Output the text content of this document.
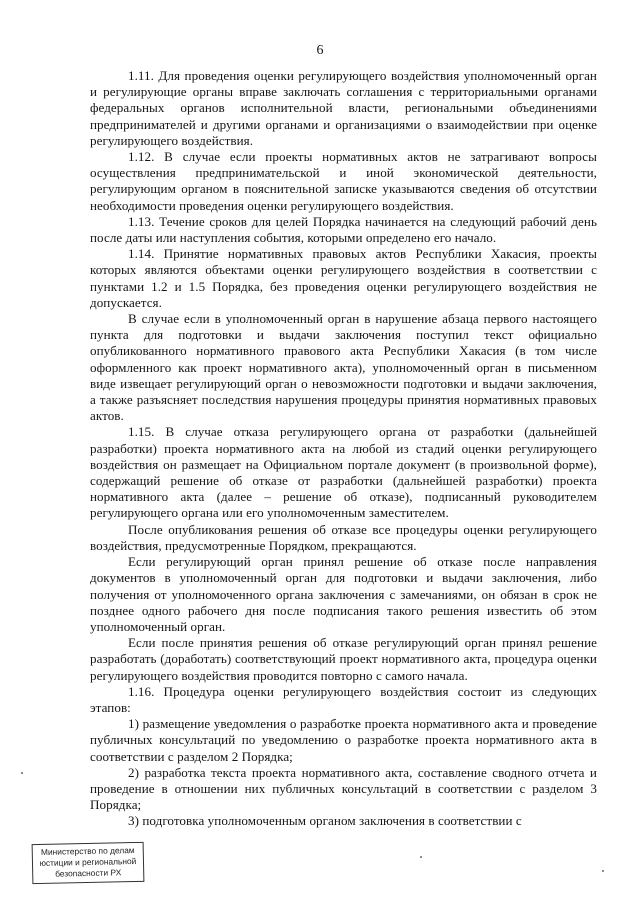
6

1.11. Для проведения оценки регулирующего воздействия уполномоченный орган и регулирующие органы вправе заключать соглашения с территориальными органами федеральных органов исполнительной власти, региональными объединениями предпринимателей и другими органами и организациями о взаимодействии при оценке регулирующего воздействия.

1.12. В случае если проекты нормативных актов не затрагивают вопросы осуществления предпринимательской и иной экономической деятельности, регулирующим органом в пояснительной записке указываются сведения об отсутствии необходимости проведения оценки регулирующего воздействия.

1.13. Течение сроков для целей Порядка начинается на следующий рабочий день после даты или наступления события, которыми определено его начало.

1.14. Принятие нормативных правовых актов Республики Хакасия, проекты которых являются объектами оценки регулирующего воздействия в соответствии с пунктами 1.2 и 1.5 Порядка, без проведения оценки регулирующего воздействия не допускается.

В случае если в уполномоченный орган в нарушение абзаца первого настоящего пункта для подготовки и выдачи заключения поступил текст официально опубликованного нормативного правового акта Республики Хакасия (в том числе оформленного как проект нормативного акта), уполномоченный орган в письменном виде извещает регулирующий орган о невозможности подготовки и выдачи заключения, а также разъясняет последствия нарушения процедуры принятия нормативных правовых актов.

1.15. В случае отказа регулирующего органа от разработки (дальнейшей разработки) проекта нормативного акта на любой из стадий оценки регулирующего воздействия он размещает на Официальном портале документ (в произвольной форме), содержащий решение об отказе от разработки (дальнейшей разработки) проекта нормативного акта (далее – решение об отказе), подписанный руководителем регулирующего органа или его уполномоченным заместителем.

После опубликования решения об отказе все процедуры оценки регулирующего воздействия, предусмотренные Порядком, прекращаются.

Если регулирующий орган принял решение об отказе после направления документов в уполномоченный орган для подготовки и выдачи заключения, либо получения от уполномоченного органа заключения с замечаниями, он обязан в срок не позднее одного рабочего дня после подписания такого решения известить об этом уполномоченный орган.

Если после принятия решения об отказе регулирующий орган принял решение разработать (доработать) соответствующий проект нормативного акта, процедура оценки регулирующего воздействия проводится повторно с самого начала.

1.16. Процедура оценки регулирующего воздействия состоит из следующих этапов:

1) размещение уведомления о разработке проекта нормативного акта и проведение публичных консультаций по уведомлению о разработке проекта нормативного акта в соответствии с разделом 2 Порядка;

2) разработка текста проекта нормативного акта, составление сводного отчета и проведение в отношении них публичных консультаций в соответствии с разделом 3 Порядка;

3) подготовка уполномоченным органом заключения в соответствии с

Министерство по делам
юстиции и региональной
безопасности РХ
